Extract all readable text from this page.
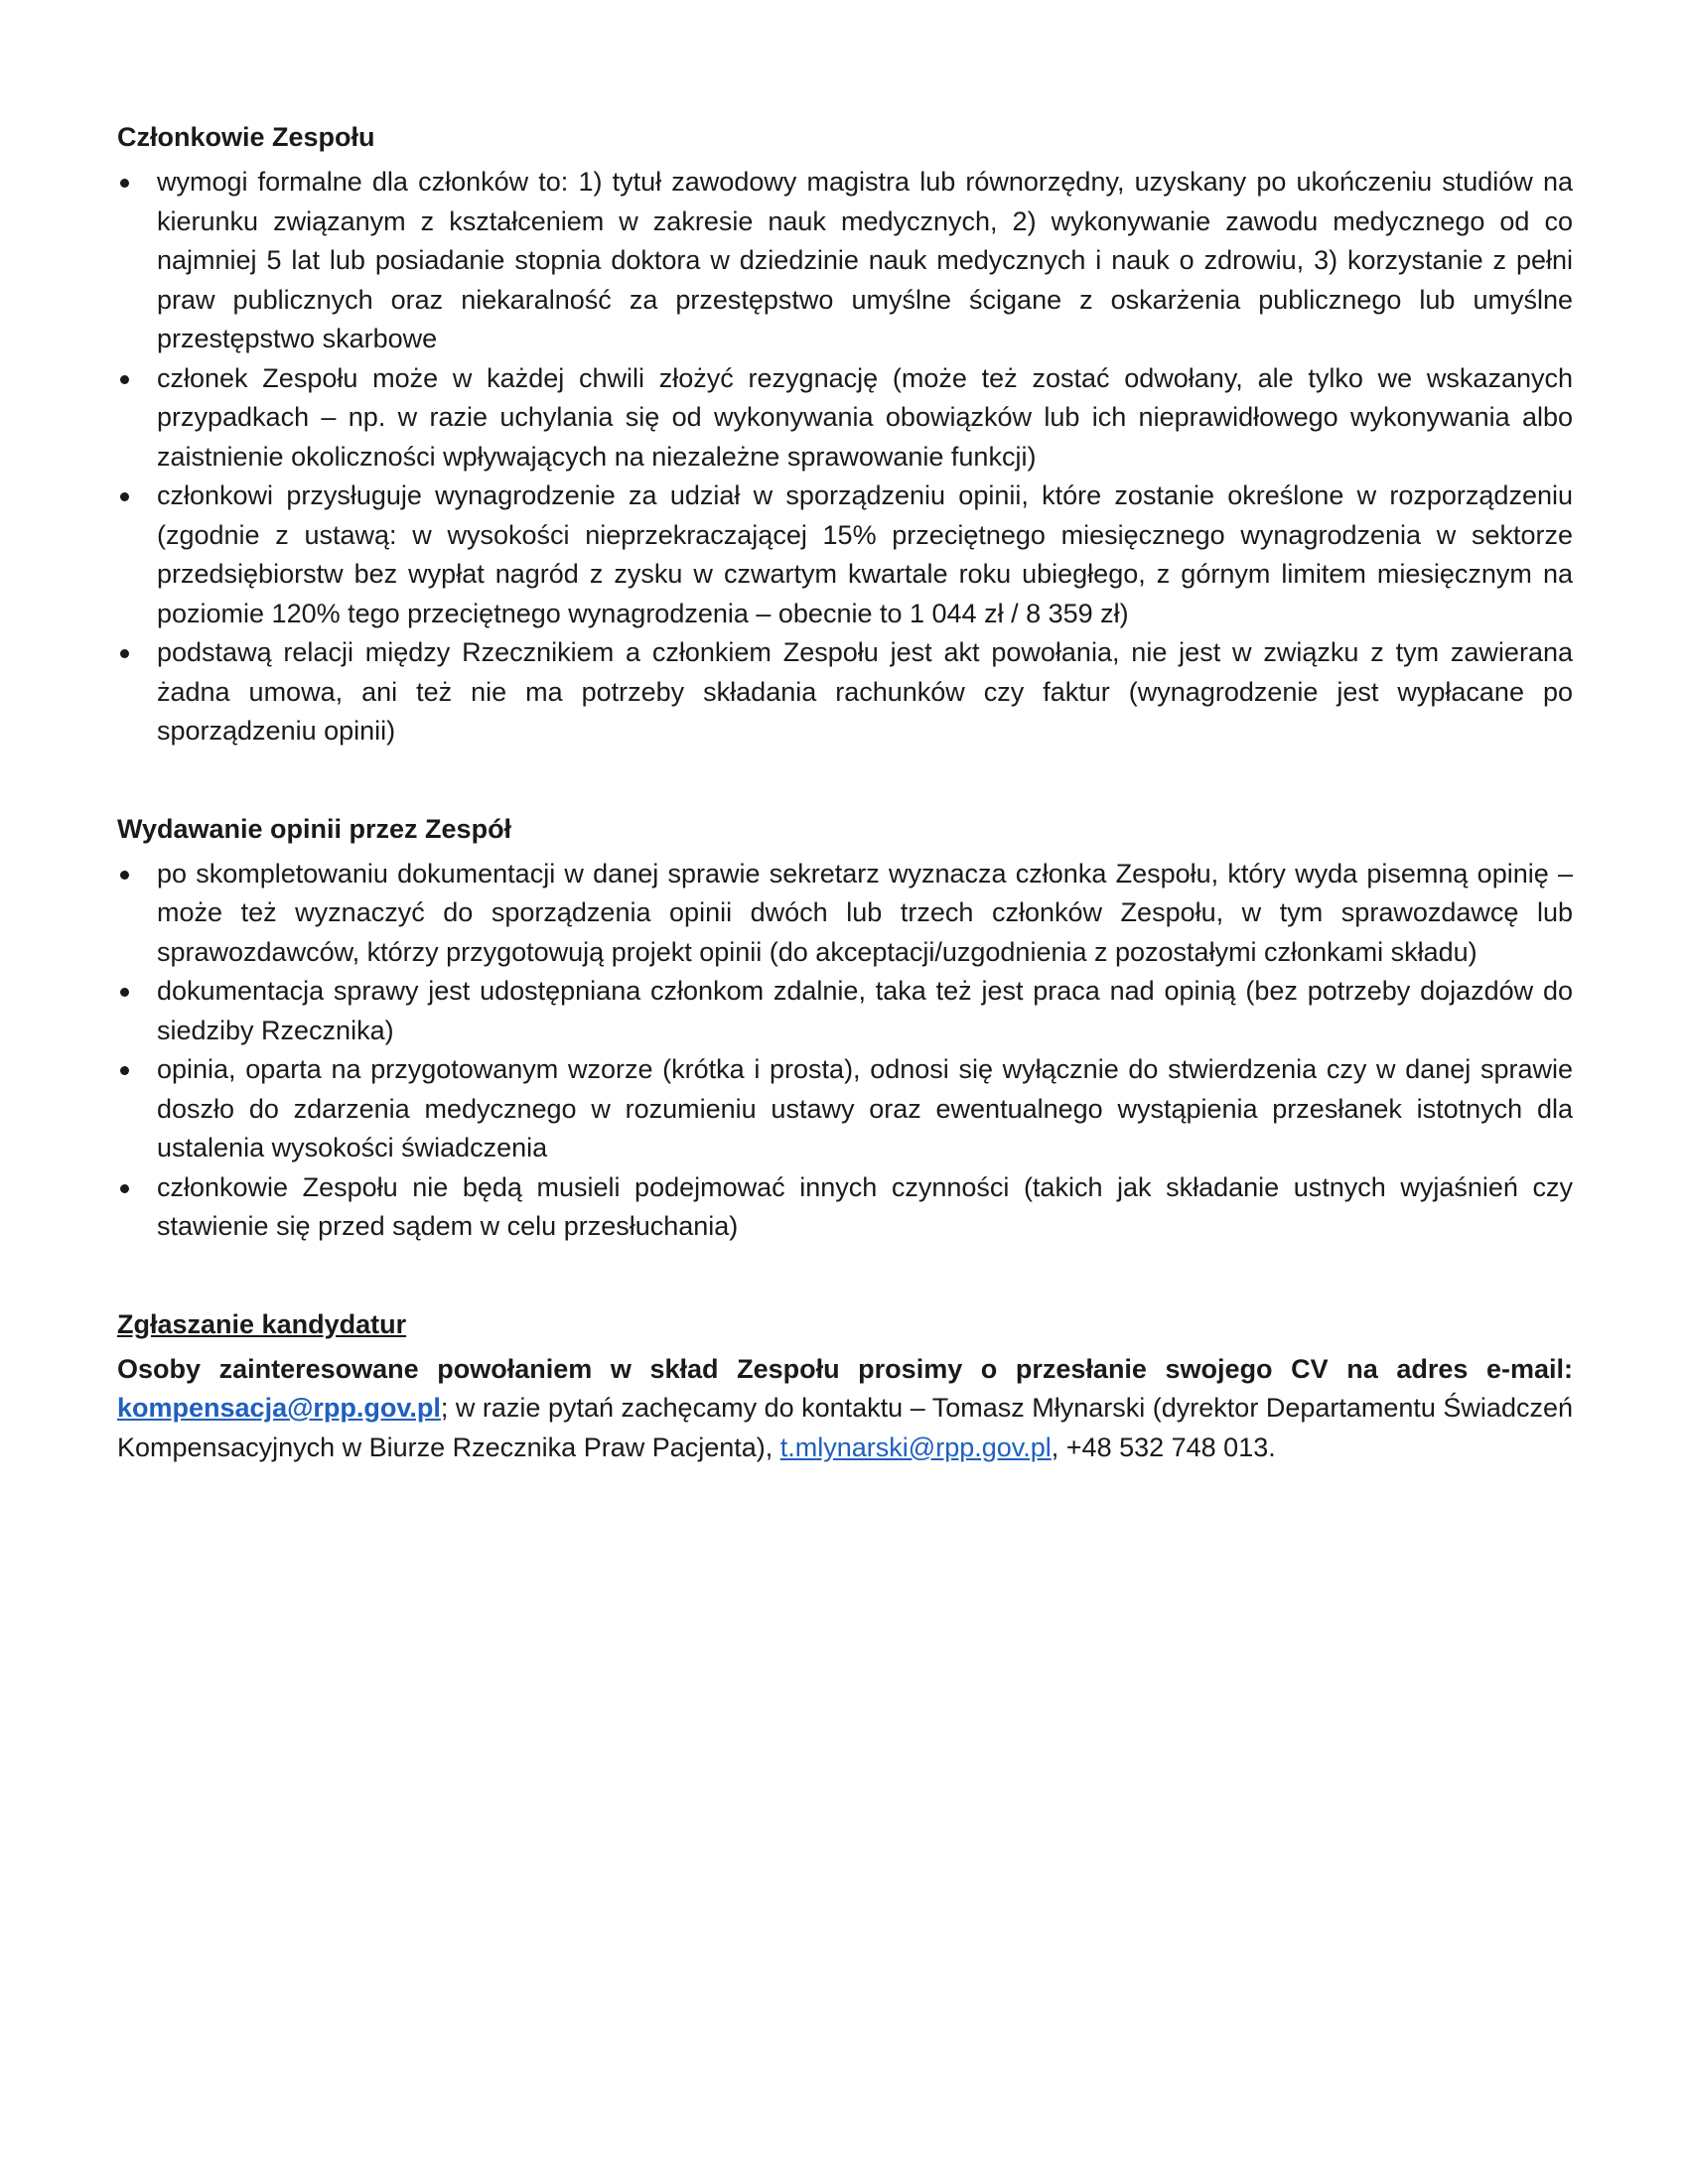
Członkowie Zespołu
wymogi formalne dla członków to: 1) tytuł zawodowy magistra lub równorzędny, uzyskany po ukończeniu studiów na kierunku związanym z kształceniem w zakresie nauk medycznych, 2) wykonywanie zawodu medycznego od co najmniej 5 lat lub posiadanie stopnia doktora w dziedzinie nauk medycznych i nauk o zdrowiu, 3) korzystanie z pełni praw publicznych oraz niekaralność za przestępstwo umyślne ścigane z oskarżenia publicznego lub umyślne przestępstwo skarbowe
członek Zespołu może w każdej chwili złożyć rezygnację (może też zostać odwołany, ale tylko we wskazanych przypadkach – np. w razie uchylania się od wykonywania obowiązków lub ich nieprawidłowego wykonywania albo zaistnienie okoliczności wpływających na niezależne sprawowanie funkcji)
członkowi przysługuje wynagrodzenie za udział w sporządzeniu opinii, które zostanie określone w rozporządzeniu (zgodnie z ustawą: w wysokości nieprzekraczającej 15% przeciętnego miesięcznego wynagrodzenia w sektorze przedsiębiorstw bez wypłat nagród z zysku w czwartym kwartale roku ubiegłego, z górnym limitem miesięcznym na poziomie 120% tego przeciętnego wynagrodzenia – obecnie to 1 044 zł / 8 359 zł)
podstawą relacji między Rzecznikiem a członkiem Zespołu jest akt powołania, nie jest w związku z tym zawierana żadna umowa, ani też nie ma potrzeby składania rachunków czy faktur (wynagrodzenie jest wypłacane po sporządzeniu opinii)
Wydawanie opinii przez Zespół
po skompletowaniu dokumentacji w danej sprawie sekretarz wyznacza członka Zespołu, który wyda pisemną opinię – może też wyznaczyć do sporządzenia opinii dwóch lub trzech członków Zespołu, w tym sprawozdawcę lub sprawozdawców, którzy przygotowują projekt opinii (do akceptacji/uzgodnienia z pozostałymi członkami składu)
dokumentacja sprawy jest udostępniana członkom zdalnie, taka też jest praca nad opinią (bez potrzeby dojazdów do siedziby Rzecznika)
opinia, oparta na przygotowanym wzorze (krótka i prosta), odnosi się wyłącznie do stwierdzenia czy w danej sprawie doszło do zdarzenia medycznego w rozumieniu ustawy oraz ewentualnego wystąpienia przesłanek istotnych dla ustalenia wysokości świadczenia
członkowie Zespołu nie będą musieli podejmować innych czynności (takich jak składanie ustnych wyjaśnień czy stawienie się przed sądem w celu przesłuchania)
Zgłaszanie kandydatur

Osoby zainteresowane powołaniem w skład Zespołu prosimy o przesłanie swojego CV na adres e-mail: kompensacja@rpp.gov.pl; w razie pytań zachęcamy do kontaktu – Tomasz Młynarski (dyrektor Departamentu Świadczeń Kompensacyjnych w Biurze Rzecznika Praw Pacjenta), t.mlynarski@rpp.gov.pl, +48 532 748 013.
